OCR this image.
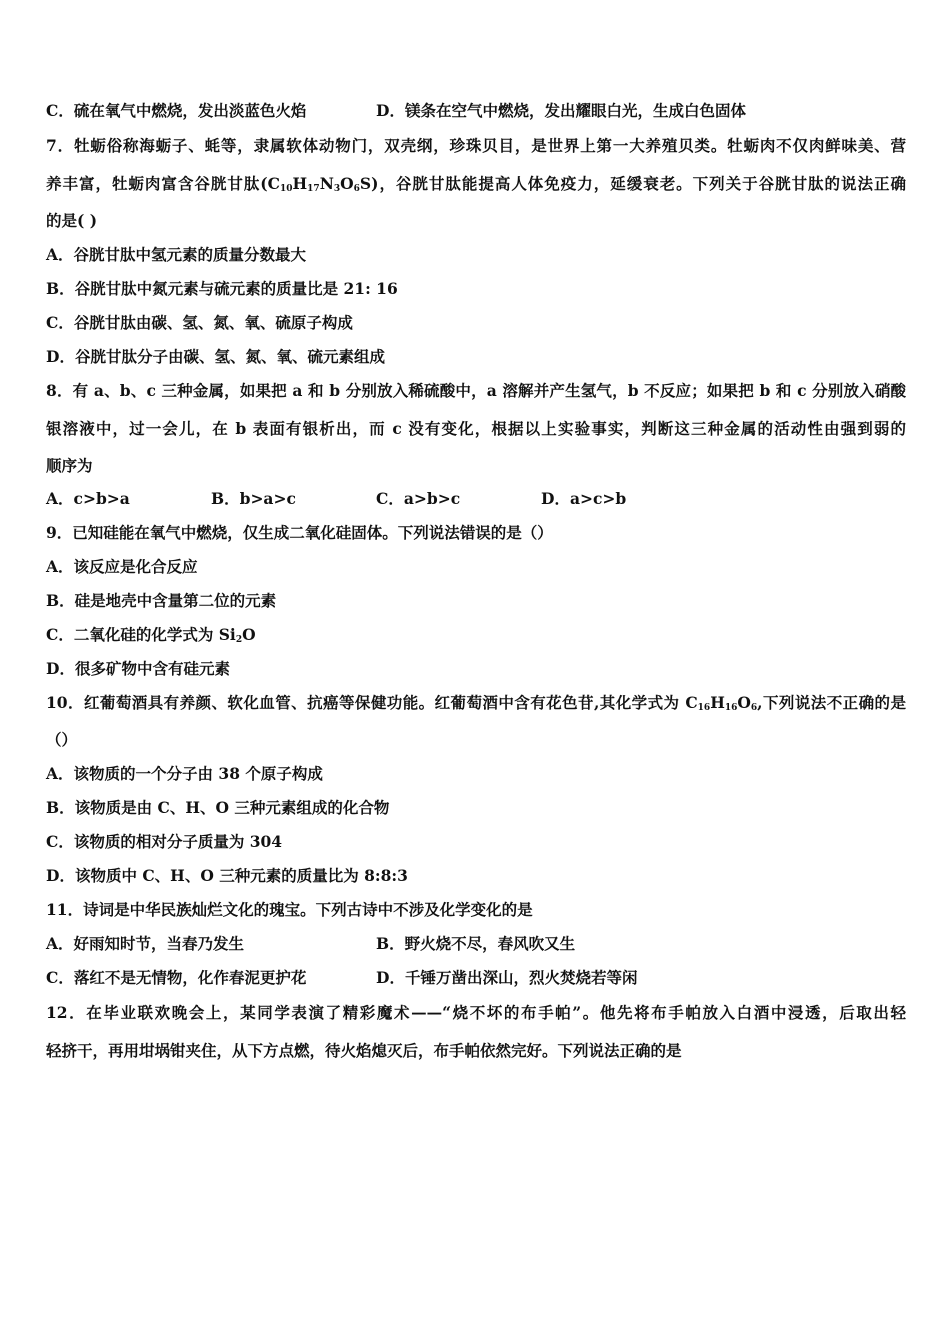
C．硫在氧气中燃烧，发出淡蓝色火焰	D．镁条在空气中燃烧，发出耀眼白光，生成白色固体
7．牡蛎俗称海蛎子、蚝等，隶属软体动物门，双壳纲，珍珠贝目，是世界上第一大养殖贝类。牡蛎肉不仅肉鲜味美、营
养丰富，牡蛎肉富含谷胱甘肽$(C_{10}H_{17}N_3O_6S)$，谷胱甘肽能提高人体免疫力，延缓衰老。下列关于谷胱甘肽的说法正确
的是( )
A．谷胱甘肽中氢元素的质量分数最大
B．谷胱甘肽中氮元素与硫元素的质量比是 21: 16
C．谷胱甘肽由碳、氢、氮、氧、硫原子构成
D．谷胱甘肽分子由碳、氢、氮、氧、硫元素组成
8．有 a、b、c 三种金属，如果把 a 和 b 分别放入稀硫酸中，a 溶解并产生氢气，b 不反应；如果把 b 和 c 分别放入硝酸
银溶液中，过一会儿，在 b 表面有银析出，而 c 没有变化，根据以上实验事实，判断这三种金属的活动性由强到弱的
顺序为
A．c>b>a	B．b>a>c	C．a>b>c	D．a>c>b
9．已知硅能在氧气中燃烧，仅生成二氧化硅固体。下列说法错误的是（）
A．该反应是化合反应
B．硅是地壳中含量第二位的元素
C．二氧化硅的化学式为 $Si_2O$
D．很多矿物中含有硅元素
10．红葡萄酒具有养颜、软化血管、抗癌等保健功能。红葡萄酒中含有花色苷,其化学式为 $C_{16}H_{16}O_6$,下列说法不正确的是
（）
A．该物质的一个分子由 38 个原子构成
B．该物质是由 C、H、O 三种元素组成的化合物
C．该物质的相对分子质量为 304
D．该物质中 C、H、O 三种元素的质量比为 8:8:3
11．诗词是中华民族灿烂文化的瑰宝。下列古诗中不涉及化学变化的是
A．好雨知时节，当春乃发生	B．野火烧不尽，春风吹又生
C．落红不是无情物，化作春泥更护花	D．千锤万凿出深山，烈火焚烧若等闲
12．在毕业联欢晚会上，某同学表演了精彩魔术——“烧不坏的布手帕”。他先将布手帕放入白酒中浸透，后取出轻
轻挤干，再用坩埚钳夹住，从下方点燃，待火焰熄灭后，布手帕依然完好。下列说法正确的是
